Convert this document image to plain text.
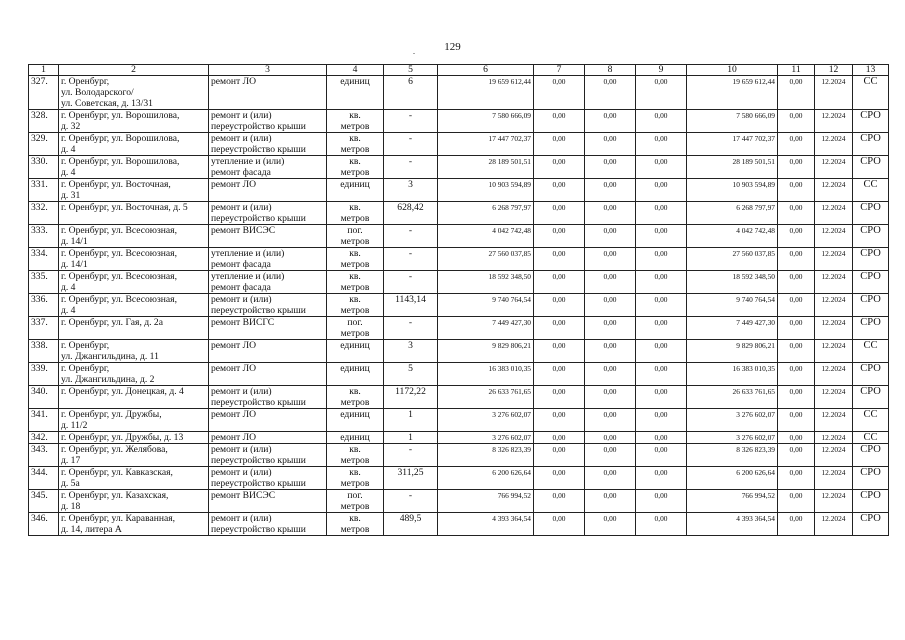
129
.
1	2	3	4	5	6	7	8	9	10	11	12	13
327.	г. Оренбург,
ул. Володарского/
ул. Советская, д. 13/31	ремонт ЛО	единиц	6	19 659 612,44	0,00	0,00	0,00	19 659 612,44	0,00	12.2024	СС
328.	г. Оренбург, ул. Ворошилова,
д. 32	ремонт и (или)
переустройство крыши	кв.
метров	-	7 580 666,09	0,00	0,00	0,00	7 580 666,09	0,00	12.2024	СРО
329.	г. Оренбург, ул. Ворошилова,
д. 4	ремонт и (или)
переустройство крыши	кв.
метров	-	17 447 702,37	0,00	0,00	0,00	17 447 702,37	0,00	12.2024	СРО
330.	г. Оренбург, ул. Ворошилова,
д. 4	утепление и (или)
ремонт фасада	кв.
метров	-	28 189 501,51	0,00	0,00	0,00	28 189 501,51	0,00	12.2024	СРО
331.	г. Оренбург, ул. Восточная,
д. 31	ремонт ЛО	единиц	3	10 903 594,89	0,00	0,00	0,00	10 903 594,89	0,00	12.2024	СС
332.	г. Оренбург, ул. Восточная, д. 5	ремонт и (или)
переустройство крыши	кв.
метров	628,42	6 268 797,97	0,00	0,00	0,00	6 268 797,97	0,00	12.2024	СРО
333.	г. Оренбург, ул. Всесоюзная,
д. 14/1	ремонт ВИСЭС	пог.
метров	-	4 042 742,48	0,00	0,00	0,00	4 042 742,48	0,00	12.2024	СРО
334.	г. Оренбург, ул. Всесоюзная,
д. 14/1	утепление и (или)
ремонт фасада	кв.
метров	-	27 560 037,85	0,00	0,00	0,00	27 560 037,85	0,00	12.2024	СРО
335.	г. Оренбург, ул. Всесоюзная,
д. 4	утепление и (или)
ремонт фасада	кв.
метров	-	18 592 348,50	0,00	0,00	0,00	18 592 348,50	0,00	12.2024	СРО
336.	г. Оренбург, ул. Всесоюзная,
д. 4	ремонт и (или)
переустройство крыши	кв.
метров	1143,14	9 740 764,54	0,00	0,00	0,00	9 740 764,54	0,00	12.2024	СРО
337.	г. Оренбург, ул. Гая, д. 2а	ремонт ВИСГС	пог.
метров	-	7 449 427,30	0,00	0,00	0,00	7 449 427,30	0,00	12.2024	СРО
338.	г. Оренбург,
ул. Джангильдина, д. 11	ремонт ЛО	единиц	3	9 829 806,21	0,00	0,00	0,00	9 829 806,21	0,00	12.2024	СС
339.	г. Оренбург,
ул. Джангильдина, д. 2	ремонт ЛО	единиц	5	16 383 010,35	0,00	0,00	0,00	16 383 010,35	0,00	12.2024	СРО
340.	г. Оренбург, ул. Донецкая, д. 4	ремонт и (или)
переустройство крыши	кв.
метров	1172,22	26 633 761,65	0,00	0,00	0,00	26 633 761,65	0,00	12.2024	СРО
341.	г. Оренбург, ул. Дружбы,
д. 11/2	ремонт ЛО	единиц	1	3 276 602,07	0,00	0,00	0,00	3 276 602,07	0,00	12.2024	СС
342.	г. Оренбург, ул. Дружбы, д. 13	ремонт ЛО	единиц	1	3 276 602,07	0,00	0,00	0,00	3 276 602,07	0,00	12.2024	СС
343.	г. Оренбург, ул. Желябова,
д. 17	ремонт и (или)
переустройство крыши	кв.
метров	-	8 326 823,39	0,00	0,00	0,00	8 326 823,39	0,00	12.2024	СРО
344.	г. Оренбург, ул. Кавказская,
д. 5а	ремонт и (или)
переустройство крыши	кв.
метров	311,25	6 200 626,64	0,00	0,00	0,00	6 200 626,64	0,00	12.2024	СРО
345.	г. Оренбург, ул. Казахская,
д. 18	ремонт ВИСЭС	пог.
метров	-	766 994,52	0,00	0,00	0,00	766 994,52	0,00	12.2024	СРО
346.	г. Оренбург, ул. Караванная,
д. 14, литера А	ремонт и (или)
переустройство крыши	кв.
метров	489,5	4 393 364,54	0,00	0,00	0,00	4 393 364,54	0,00	12.2024	СРО
